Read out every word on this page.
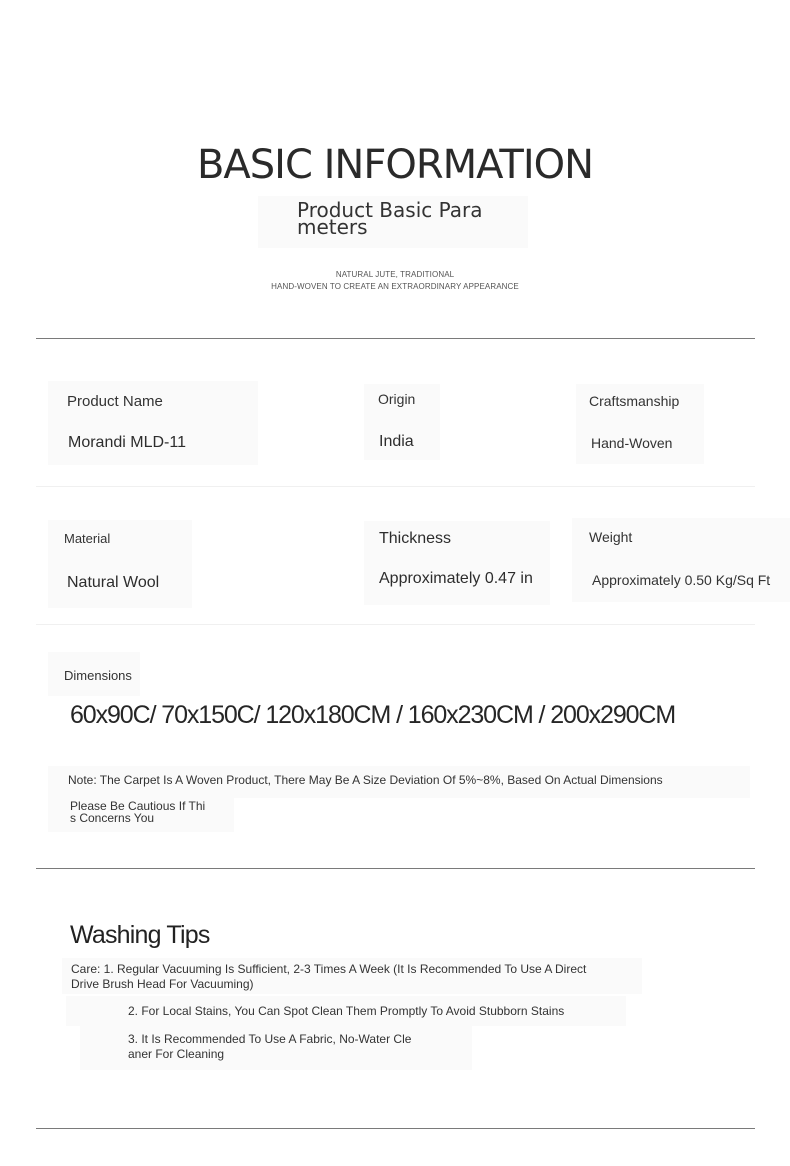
BASIC INFORMATION
Product Basic Para
meters
NATURAL JUTE, TRADITIONAL
HAND-WOVEN TO CREATE AN EXTRAORDINARY APPEARANCE
Product Name
Morandi MLD-11
Origin
India
Craftsmanship
Hand-Woven
Material
Natural Wool
Thickness
Approximately 0.47 in
Weight
Approximately 0.50 Kg/Sq Ft
Dimensions
60x90C/ 70x150C/ 120x180CM / 160x230CM / 200x290CM
Note: The Carpet Is A Woven Product, There May Be A Size Deviation Of 5%~8%, Based On Actual Dimensions
Please Be Cautious If Thi
s Concerns You
Washing Tips
Care: 1. Regular Vacuuming Is Sufficient, 2-3 Times A Week (It Is Recommended To Use A Direct
Drive Brush Head For Vacuuming)
2. For Local Stains, You Can Spot Clean Them Promptly To Avoid Stubborn Stains
3. It Is Recommended To Use A Fabric, No-Water Cle
aner For Cleaning
